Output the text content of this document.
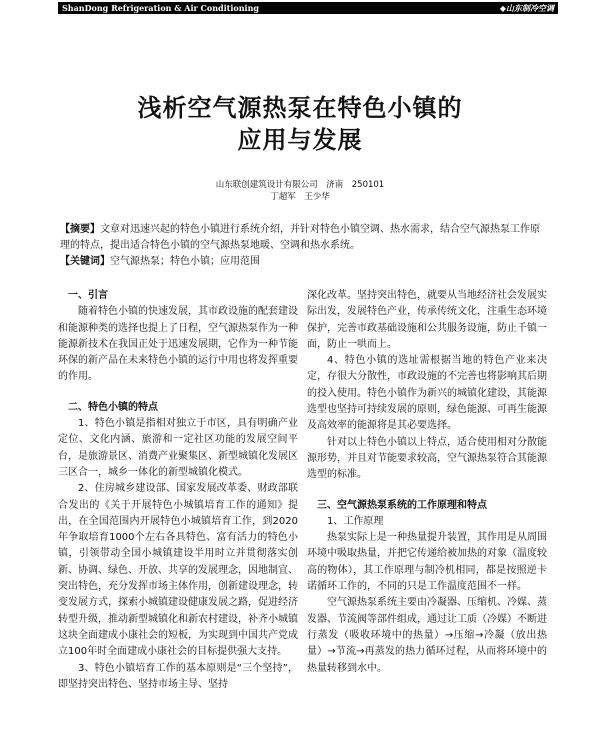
ShanDong Refrigeration & Air Conditioning	◆山东制冷空调
浅析空气源热泵在特色小镇的
应用与发展
山东联创建筑设计有限公司　济南　250101
丁超军　王少华

【摘要】文章对迅速兴起的特色小镇进行系统介绍，并针对特色小镇空调、热水需求，结合空气源热泵工作原理的特点，提出适合特色小镇的空气源热泵地暖、空调和热水系统。

【关键词】空气源热泵；特色小镇；应用范围

一、引言

随着特色小镇的快速发展，其市政设施的配套建设和能源种类的选择也提上了日程，空气源热泵作为一种能源新技术在我国正处于迅速发展期，它作为一种节能环保的新产品在未来特色小镇的运行中用也将发挥重要的作用。

二、特色小镇的特点

1、特色小镇是指相对独立于市区，具有明确产业定位、文化内涵、旅游和一定社区功能的发展空间平台，是旅游景区、消费产业聚集区、新型城镇化发展区三区合一，城乡一体化的新型城镇化模式。

2、住房城乡建设部、国家发展改革委、财政部联合发出的《关于开展特色小城镇培育工作的通知》提出，在全国范围内开展特色小城镇培育工作，到2020年争取培育1000个左右各具特色、富有活力的特色小镇，引领带动全国小城镇建设半用时立并贯彻落实创新、协调、绿色、开放、共享的发展理念，因地制宜、突出特色，充分发挥市场主体作用，创新建设理念，转变发展方式，探索小城镇建设健康发展之路，促进经济转型升级，推动新型城镇化和新农村建设，补齐小城镇这块全面建成小康社会的短板，为实现到中国共产党成立100年时全面建成小康社会的目标提供强大支持。

3、特色小镇培育工作的基本原则是“三个坚持”，即坚持突出特色、坚持市场主导、坚持

深化改革。坚持突出特色，就要从当地经济社会发展实际出发，发展特色产业，传承传统文化，注重生态环境保护，完善市政基础设施和公共服务设施，防止千镇一面，防止一哄而上。

4、特色小镇的选址需根据当地的特色产业来决定，存很大分散性，市政设施的不完善也将影响其后期的投入使用。特色小镇作为新兴的城镇化建设，其能源选型也坚持可持续发展的原则，绿色能源、可再生能源及高效率的能源将是其必要选择。

针对以上特色小镇以上特点，适合使用相对分散能源形势，并且对节能要求较高，空气源热泵符合其能源选型的标准。

三、空气源热泵系统的工作原理和特点

1、工作原理

热泵实际上是一种热量提升装置，其作用是从周围环境中吸取热量，并把它传递给被加热的对象（温度较高的物体），其工作原理与制冷机相同，都是按照逆卡诺循环工作的，不同的只是工作温度范围不一样。

空气源热泵系统主要由冷凝器、压缩机、冷媒、蒸发器、节流阀等部件组成，通过让工质（冷媒）不断进行蒸发（吸收环境中的热量）→压缩→冷凝（放出热量）→节流→再蒸发的热力循环过程，从而将环境中的热量转移到水中。
